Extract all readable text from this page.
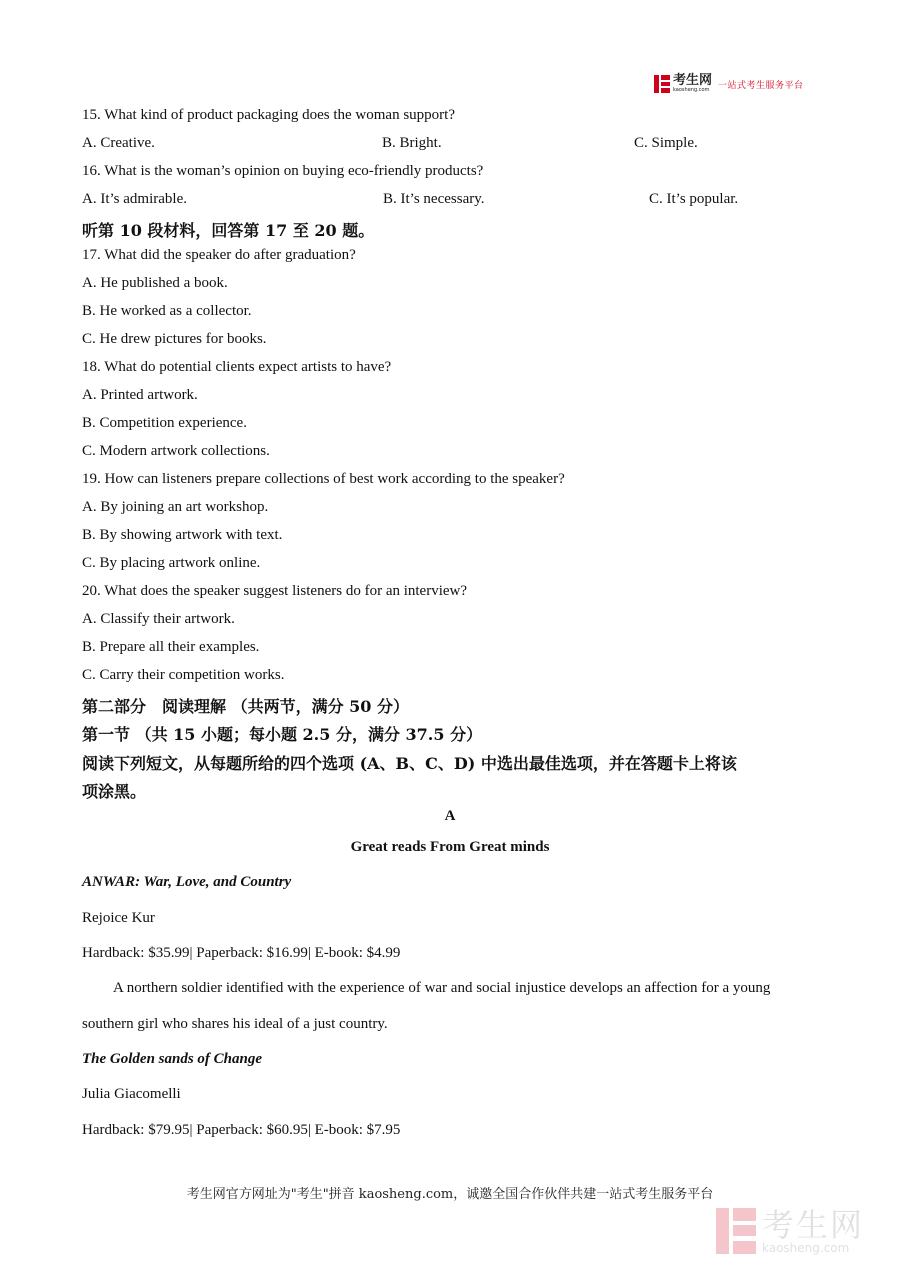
考生网
kaosheng.com 一站式考生服务平台
15. What kind of product packaging does the woman support?
A. Creative.	B. Bright.	C. Simple.
16. What is the woman’s opinion on buying eco-friendly products?
A. It’s admirable.	B. It’s necessary.	C. It’s popular.
听第 10 段材料，回答第 17 至 20 题。
17. What did the speaker do after graduation?
A. He published a book.
B. He worked as a collector.
C. He drew pictures for books.
18. What do potential clients expect artists to have?
A. Printed artwork.
B. Competition experience.
C. Modern artwork collections.
19. How can listeners prepare collections of best work according to the speaker?
A. By joining an art workshop.
B. By showing artwork with text.
C. By placing artwork online.
20. What does the speaker suggest listeners do for an interview?
A. Classify their artwork.
B. Prepare all their examples.
C. Carry their competition works.
第二部分　阅读理解 （共两节，满分 50 分）
第一节 （共 15 小题；每小题 2.5 分，满分 37.5 分）
阅读下列短文，从每题所给的四个选项 (A、B、C、D) 中选出最佳选项，并在答题卡上将该
项涂黑。
A
Great reads From Great minds
ANWAR: War, Love, and Country
Rejoice Kur
Hardback: $35.99| Paperback: $16.99| E-book: $4.99
A northern soldier identified with the experience of war and social injustice develops an affection for a young
southern girl who shares his ideal of a just country.
The Golden sands of Change
Julia Giacomelli
Hardback: $79.95| Paperback: $60.95| E-book: $7.95
考生网官方网址为"考生"拼音 kaosheng.com，诚邀全国合作伙伴共建一站式考生服务平台
考生网
kaosheng.com
